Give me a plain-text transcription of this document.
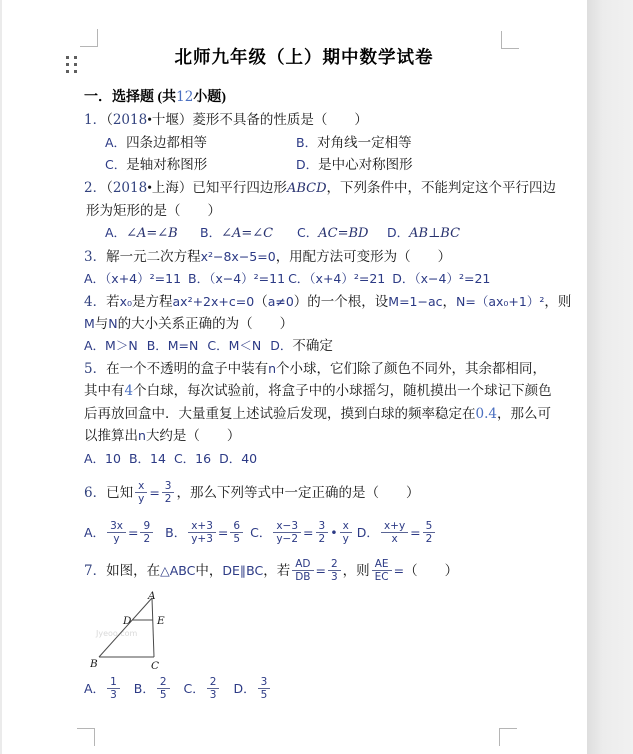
北师九年级（上）期中数学试卷
一．选择题 (共12小题)
1．（2018•十堰）菱形不具备的性质是（　　）
A．四条边都相等	B．对角线一定相等
C．是轴对称图形	D．是中心对称图形
2．（2018•上海）已知平行四边形ABCD，下列条件中，不能判定这个平行四边
形为矩形的是（　　）
A．∠A=∠B B．∠A=∠C C．AC=BD D．AB⊥BC
3．解一元二次方程x²−8x−5=0，用配方法可变形为（　　）
A．（x+4）²=11 B．（x−4）²=11 C．（x+4）²=21 D．（x−4）²=21
4．若x₀是方程ax²+2x+c=0（a≠0）的一个根，设M=1−ac，N=（ax₀+1）²，则
M与N的大小关系正确的为（　　）
A．M＞N B．M=N C．M＜N D．不确定
5．在一个不透明的盒子中装有n个小球，它们除了颜色不同外，其余都相同，
其中有4个白球，每次试验前，将盒子中的小球摇匀，随机摸出一个球记下颜色
后再放回盒中．大量重复上述试验后发现，摸到白球的频率稳定在0.4，那么可
以推算出n大约是（　　）
A．10 B．14 C．16 D．40
6．已知 $\frac{x}{y} = \frac{3}{2}$ ，那么下列等式中一定正确的是（　　）
A． $\frac{3x}{y} = \frac{9}{2}$ B． $\frac{x+3}{y+3} = \frac{6}{5}$ C． $\frac{x-3}{y-2} = \frac{3}{2}$ • $\frac{x}{y}$ D． $\frac{x+y}{x} = \frac{5}{2}$
7．如图，在△ABC中，DE∥BC，若 $\frac{AD}{DB} = \frac{2}{3}$ ，则 $\frac{AE}{EC}$ =（　　）
Jyeoo.com
A
B	C
D E
A． $\frac{1}{3}$ B． $\frac{2}{5}$ C． $\frac{2}{3}$ D． $\frac{3}{5}$
